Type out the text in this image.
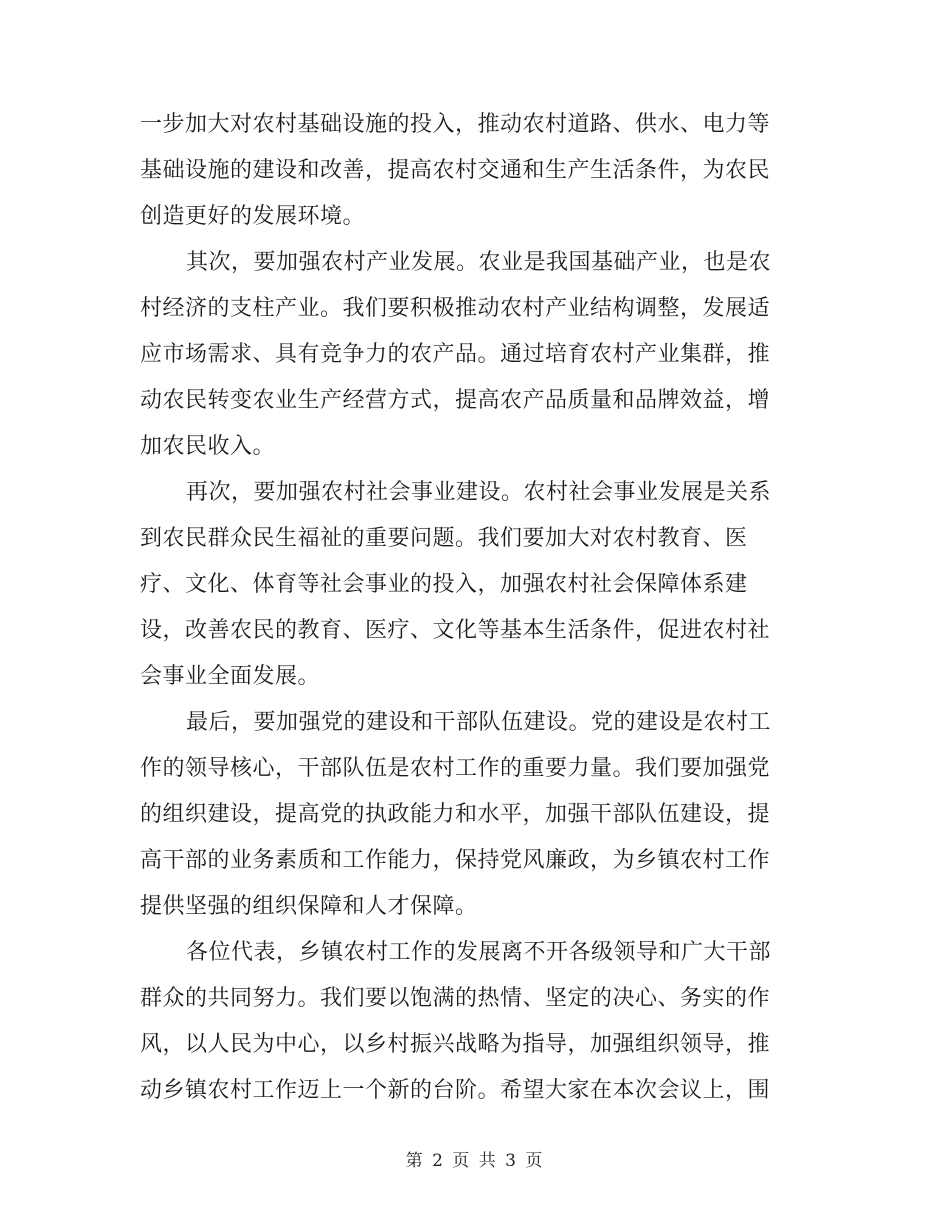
一步加大对农村基础设施的投入，推动农村道路、供水、电力等
基础设施的建设和改善，提高农村交通和生产生活条件，为农民
创造更好的发展环境。

其次，要加强农村产业发展。农业是我国基础产业，也是农
村经济的支柱产业。我们要积极推动农村产业结构调整，发展适
应市场需求、具有竞争力的农产品。通过培育农村产业集群，推
动农民转变农业生产经营方式，提高农产品质量和品牌效益，增
加农民收入。

再次，要加强农村社会事业建设。农村社会事业发展是关系
到农民群众民生福祉的重要问题。我们要加大对农村教育、医
疗、文化、体育等社会事业的投入，加强农村社会保障体系建
设，改善农民的教育、医疗、文化等基本生活条件，促进农村社
会事业全面发展。

最后，要加强党的建设和干部队伍建设。党的建设是农村工
作的领导核心，干部队伍是农村工作的重要力量。我们要加强党
的组织建设，提高党的执政能力和水平，加强干部队伍建设，提
高干部的业务素质和工作能力，保持党风廉政，为乡镇农村工作
提供坚强的组织保障和人才保障。

各位代表，乡镇农村工作的发展离不开各级领导和广大干部
群众的共同努力。我们要以饱满的热情、坚定的决心、务实的作
风，以人民为中心，以乡村振兴战略为指导，加强组织领导，推
动乡镇农村工作迈上一个新的台阶。希望大家在本次会议上，围

第 2 页 共 3 页
